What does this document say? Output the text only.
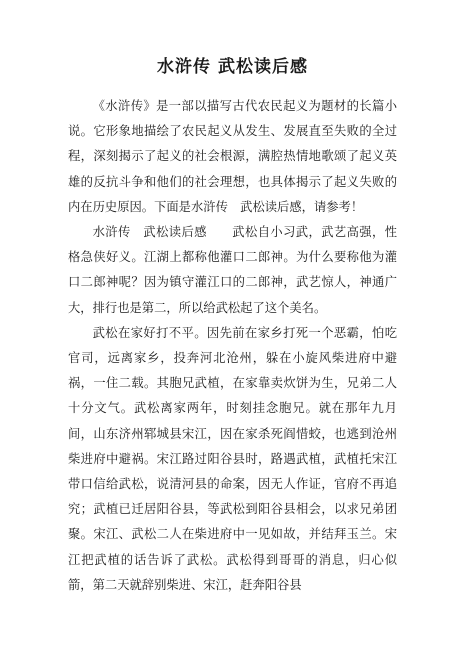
水浒传 武松读后感

《水浒传》是一部以描写古代农民起义为题材的长篇小说。它形象地描绘了农民起义从发生、发展直至失败的全过程，深刻揭示了起义的社会根源，满腔热情地歌颂了起义英雄的反抗斗争和他们的社会理想，也具体揭示了起义失败的内在历史原因。下面是水浒传　武松读后感，请参考！

水浒传　武松读后感　　武松自小习武，武艺高强，性格急侠好义。江湖上都称他灌口二郎神。为什么要称他为灌口二郎神呢？因为镇守灌江口的二郎神，武艺惊人，神通广大，排行也是第二，所以给武松起了这个美名。

武松在家好打不平。因先前在家乡打死一个恶霸，怕吃官司，远离家乡，投奔河北沧州，躲在小旋风柴进府中避祸，一住二载。其胞兄武植，在家靠卖炊饼为生，兄弟二人十分文气。武松离家两年，时刻挂念胞兄。就在那年九月间，山东济州郓城县宋江，因在家杀死阎惜蛟，也逃到沧州柴进府中避祸。宋江路过阳谷县时，路遇武植，武植托宋江带口信给武松，说清河县的命案，因无人作证，官府不再追究；武植已迁居阳谷县，等武松到阳谷县相会，以求兄弟团聚。宋江、武松二人在柴进府中一见如故，并结拜玉兰。宋江把武植的话告诉了武松。武松得到哥哥的消息，归心似箭，第二天就辞别柴进、宋江，赶奔阳谷县
